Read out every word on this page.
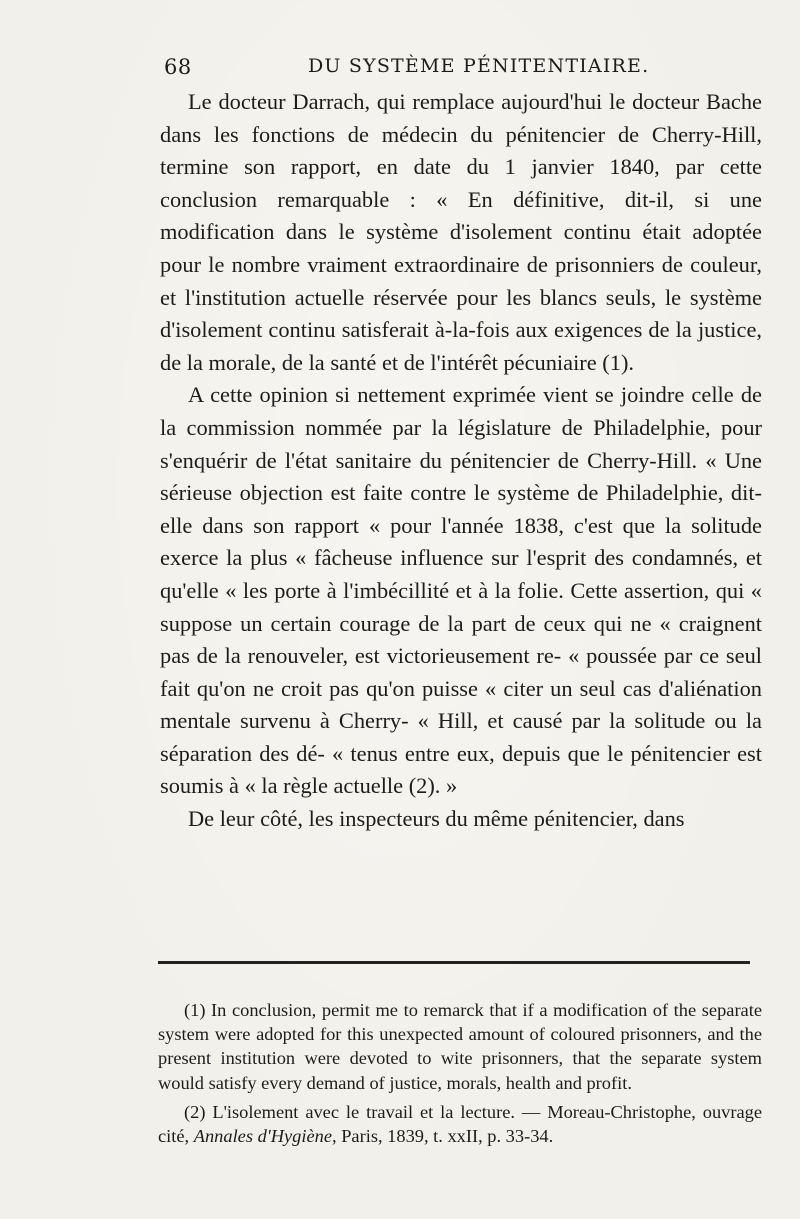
68	DU SYSTÈME PÉNITENTIAIRE.

Le docteur Darrach, qui remplace aujourd'hui le docteur Bache dans les fonctions de médecin du pénitencier de Cherry-Hill, termine son rapport, en date du 1 janvier 1840, par cette conclusion remarquable : « En définitive, dit-il, si une modification dans le système d'isolement continu était adoptée pour le nombre vraiment extraordinaire de prisonniers de couleur, et l'institution actuelle réservée pour les blancs seuls, le système d'isolement continu satisferait à-la-fois aux exigences de la justice, de la morale, de la santé et de l'intérêt pécuniaire (1).

A cette opinion si nettement exprimée vient se joindre celle de la commission nommée par la législature de Philadelphie, pour s'enquérir de l'état sanitaire du pénitencier de Cherry-Hill. « Une sérieuse objection est faite contre le système de Philadelphie, dit-elle dans son rapport « pour l'année 1838, c'est que la solitude exerce la plus « fâcheuse influence sur l'esprit des condamnés, et qu'elle « les porte à l'imbécillité et à la folie. Cette assertion, qui « suppose un certain courage de la part de ceux qui ne « craignent pas de la renouveler, est victorieusement re- « poussée par ce seul fait qu'on ne croit pas qu'on puisse « citer un seul cas d'aliénation mentale survenu à Cherry- « Hill, et causé par la solitude ou la séparation des dé- « tenus entre eux, depuis que le pénitencier est soumis à « la règle actuelle (2). »

De leur côté, les inspecteurs du même pénitencier, dans

(1) In conclusion, permit me to remarck that if a modification of the separate system were adopted for this unexpected amount of coloured prisonners, and the present institution were devoted to wite prisonners, that the separate system would satisfy every demand of justice, morals, health and profit.

(2) L'isolement avec le travail et la lecture. — Moreau-Christophe, ouvrage cité, Annales d'Hygiène, Paris, 1839, t. xxII, p. 33-34.
